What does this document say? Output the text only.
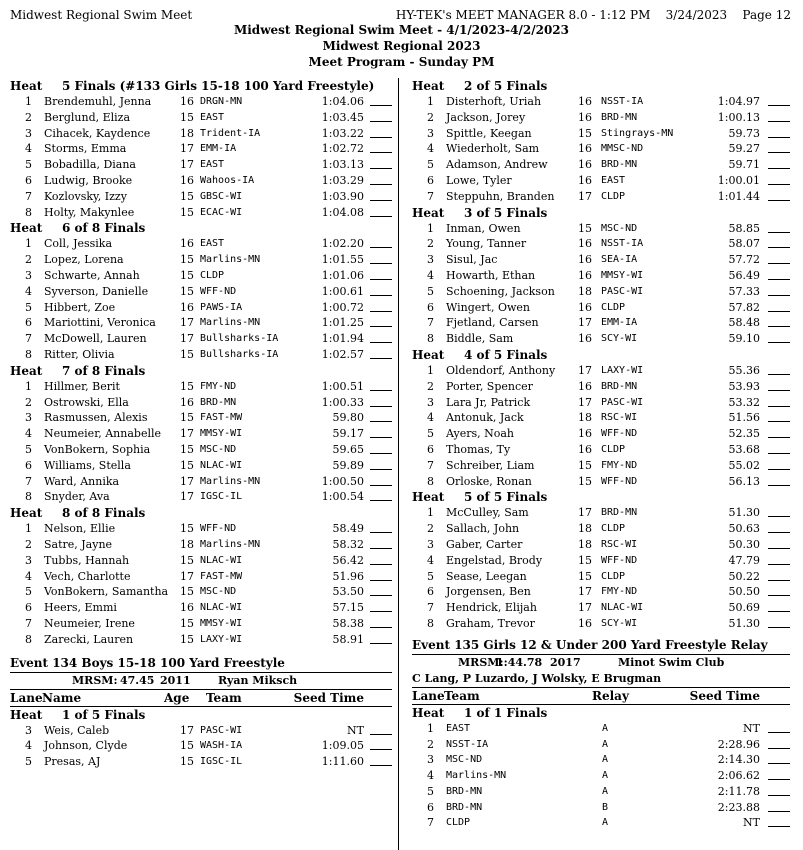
Midwest Regional Swim Meet	HY-TEK's MEET MANAGER 8.0 - 1:12 PM    3/24/2023    Page 12
Midwest Regional Swim Meet - 4/1/2023-4/2/2023
Midwest Regional 2023
Meet Program - Sunday PM
Heat 5 Finals (#133 Girls 15-18 100 Yard Freestyle)
1 Brendemuhl, Jenna	16 DRGN-MN	1:04.06
2 Berglund, Eliza	15 EAST	1:03.45
3 Cihacek, Kaydence	18 Trident-IA	1:03.22
4 Storms, Emma	17 EMM-IA	1:02.72
5 Bobadilla, Diana	17 EAST	1:03.13
6 Ludwig, Brooke	16 Wahoos-IA	1:03.29
7 Kozlovsky, Izzy	15 GBSC-WI	1:03.90
8 Holty, Makynlee	15 ECAC-WI	1:04.08
Heat 6 of 8 Finals
1 Coll, Jessika	16 EAST	1:02.20
2 Lopez, Lorena	15 Marlins-MN	1:01.55
3 Schwarte, Annah	15 CLDP	1:01.06
4 Syverson, Danielle	15 WFF-ND	1:00.61
5 Hibbert, Zoe	16 PAWS-IA	1:00.72
6 Mariottini, Veronica 17 Marlins-MN	1:01.25
7 McDowell, Lauren	17 Bullsharks-IA	1:01.94
8 Ritter, Olivia	15 Bullsharks-IA	1:02.57
Heat 7 of 8 Finals
1 Hillmer, Berit	15 FMY-ND	1:00.51
2 Ostrowski, Ella	16 BRD-MN	1:00.33
3 Rasmussen, Alexis	15 FAST-MW	59.80
4 Neumeier, Annabelle 17 MMSY-WI	59.17
5 VonBokern, Sophia	15 MSC-ND	59.65
6 Williams, Stella	15 NLAC-WI	59.89
7 Ward, Annika	17 Marlins-MN	1:00.50
8 Snyder, Ava	17 IGSC-IL	1:00.54
Heat 8 of 8 Finals
1 Nelson, Ellie	15 WFF-ND	58.49
2 Satre, Jayne	18 Marlins-MN	58.32
3 Tubbs, Hannah	15 NLAC-WI	56.42
4 Vech, Charlotte	17 FAST-MW	51.96
5 VonBokern, Samantha 15 MSC-ND	53.50
6 Heers, Emmi	16 NLAC-WI	57.15
7 Neumeier, Irene	15 MMSY-WI	58.38
8 Zarecki, Lauren	15 LAXY-WI	58.91
Event 134 Boys 15-18 100 Yard Freestyle
MRSM: 47.45 2011 Ryan Miksch
Lane Name	Age Team	Seed Time
Heat 1 of 5 Finals
3 Weis, Caleb	17 PASC-WI	NT
4 Johnson, Clyde	15 WASH-IA	1:09.05
5 Presas, AJ	15 IGSC-IL	1:11.60
Heat 2 of 5 Finals
1 Disterhoft, Uriah	16 NSST-IA	1:04.97
2 Jackson, Jorey	16 BRD-MN	1:00.13
3 Spittle, Keegan	15 Stingrays-MN	59.73
4 Wiederholt, Sam	16 MMSC-ND	59.27
5 Adamson, Andrew	16 BRD-MN	59.71
6 Lowe, Tyler	16 EAST	1:00.01
7 Steppuhn, Branden 17 CLDP	1:01.44
Heat 3 of 5 Finals
1 Inman, Owen	15 MSC-ND	58.85
2 Young, Tanner	16 NSST-IA	58.07
3 Sisul, Jac	16 SEA-IA	57.72
4 Howarth, Ethan	16 MMSY-WI	56.49
5 Schoening, Jackson 18 PASC-WI	57.33
6 Wingert, Owen	16 CLDP	57.82
7 Fjetland, Carsen	17 EMM-IA	58.48
8 Biddle, Sam	16 SCY-WI	59.10
Heat 4 of 5 Finals
1 Oldendorf, Anthony 17 LAXY-WI	55.36
2 Porter, Spencer	16 BRD-MN	53.93
3 Lara Jr, Patrick	17 PASC-WI	53.32
4 Antonuk, Jack	18 RSC-WI	51.56
5 Ayers, Noah	16 WFF-ND	52.35
6 Thomas, Ty	16 CLDP	53.68
7 Schreiber, Liam	15 FMY-ND	55.02
8 Orloske, Ronan	15 WFF-ND	56.13
Heat 5 of 5 Finals
1 McCulley, Sam	17 BRD-MN	51.30
2 Sallach, John	18 CLDP	50.63
3 Gaber, Carter	18 RSC-WI	50.30
4 Engelstad, Brody	15 WFF-ND	47.79
5 Sease, Leegan	15 CLDP	50.22
6 Jorgensen, Ben	17 FMY-ND	50.50
7 Hendrick, Elijah	17 NLAC-WI	50.69
8 Graham, Trevor	16 SCY-WI	51.30
Event 135 Girls 12 & Under 200 Yard Freestyle Relay
MRSM:
1:44.78 2017	Minot Swim Club
C Lang, P Luzardo, J Wolsky, E Brugman
Lane Team	Relay	Seed Time
Heat 1 of 1 Finals
1 EAST	A	NT
2 NSST-IA	A	2:28.96
3 MSC-ND	A	2:14.30
4 Marlins-MN	A	2:06.62
5 BRD-MN	A	2:11.78
6 BRD-MN	B	2:23.88
7 CLDP	A	NT
